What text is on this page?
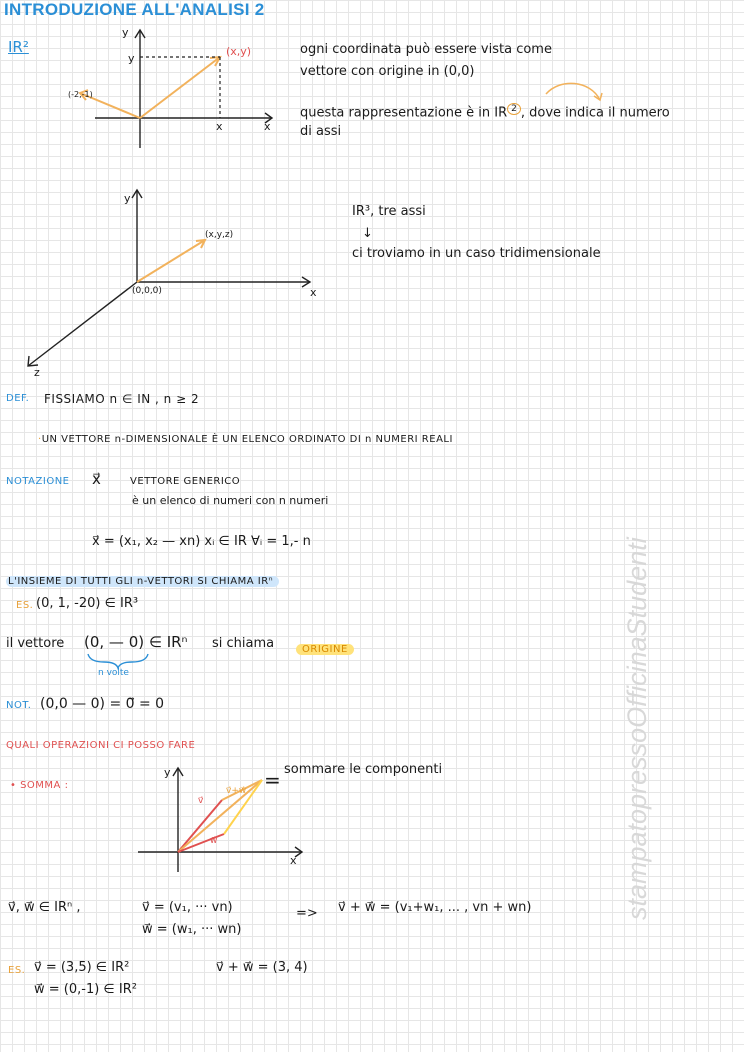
INTRODUZIONE ALL'ANALISI 2
IR²
y
x
y
x
(x,y)
(-2,-1)
ogni coordinata può essere vista come
vettore con origine in (0,0)
questa rappresentazione è in IR $^2$ , dove indica il numero
di assi
y
x
z
(x,y,z)
(0,0,0)
IR³, tre assi
↓
ci troviamo in un caso tridimensionale
DEF. FISSIAMO n ∈ IN , n ≥ 2
·UN VETTORE n-DIMENSIONALE È UN ELENCO ORDINATO DI n NUMERI REALI
NOTAZIONE x⃗	VETTORE GENERICO
è un elenco di numeri con n numeri
x⃗ = (x₁, x₂ — xn) xᵢ ∈ IR ∀ᵢ = 1,- n
L'INSIEME DI TUTTI GLI n-VETTORI SI CHIAMA IRⁿ
ES. (0, 1, -20) ∈ IR³
il vettore (0, — 0) ∈ IRⁿ si chiama	ORIGINE
n volte
NOT. (0,0 — 0) = 0⃗ = 0
QUALI OPERAZIONI CI POSSO FARE
• SOMMA :
y
x
v⃗
w⃗
v⃗+w⃗ = sommare le componenti
v⃗, w⃗ ∈ IRⁿ ,	v⃗ = (v₁, ··· vn)
w⃗ = (w₁, ··· wn)
=> v⃗ + w⃗ = (v₁+w₁, ... , vn + wn)
ES. v⃗ = (3,5) ∈ IR²
w⃗ = (0,-1) ∈ IR²
v⃗ + w⃗ = (3, 4)
stampatopressoOfficinaStudenti
